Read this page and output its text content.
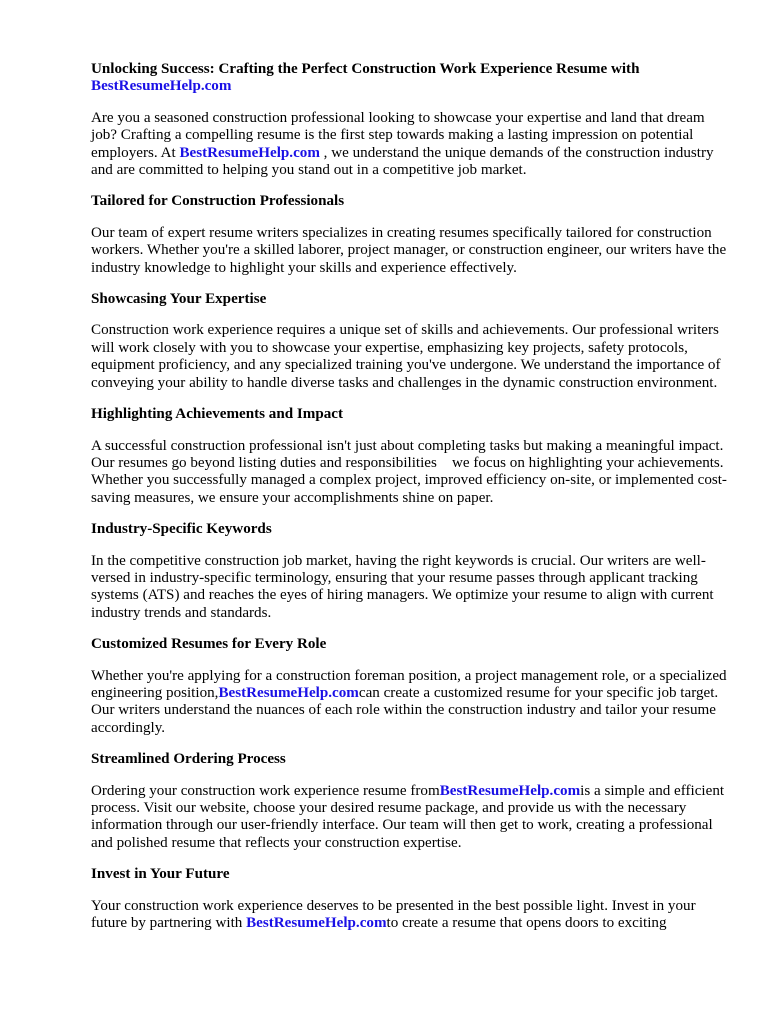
Unlocking Success: Crafting the Perfect Construction Work Experience Resume with
BestResumeHelp.com

Are you a seasoned construction professional looking to showcase your expertise and land that dream job? Crafting a compelling resume is the first step towards making a lasting impression on potential employers. At BestResumeHelp.com , we understand the unique demands of the construction industry and are committed to helping you stand out in a competitive job market.

Tailored for Construction Professionals

Our team of expert resume writers specializes in creating resumes specifically tailored for construction workers. Whether you're a skilled laborer, project manager, or construction engineer, our writers have the industry knowledge to highlight your skills and experience effectively.

Showcasing Your Expertise

Construction work experience requires a unique set of skills and achievements. Our professional writers will work closely with you to showcase your expertise, emphasizing key projects, safety protocols, equipment proficiency, and any specialized training you've undergone. We understand the importance of conveying your ability to handle diverse tasks and challenges in the dynamic construction environment.

Highlighting Achievements and Impact

A successful construction professional isn't just about completing tasks but making a meaningful impact. Our resumes go beyond listing duties and responsibilities    we focus on highlighting your achievements. Whether you successfully managed a complex project, improved efficiency on-site, or implemented cost-saving measures, we ensure your accomplishments shine on paper.

Industry-Specific Keywords

In the competitive construction job market, having the right keywords is crucial. Our writers are well-versed in industry-specific terminology, ensuring that your resume passes through applicant tracking systems (ATS) and reaches the eyes of hiring managers. We optimize your resume to align with current industry trends and standards.

Customized Resumes for Every Role

Whether you're applying for a construction foreman position, a project management role, or a specialized engineering position,BestResumeHelp.comcan create a customized resume for your specific job target. Our writers understand the nuances of each role within the construction industry and tailor your resume accordingly.

Streamlined Ordering Process

Ordering your construction work experience resume fromBestResumeHelp.comis a simple and efficient process. Visit our website, choose your desired resume package, and provide us with the necessary information through our user-friendly interface. Our team will then get to work, creating a professional and polished resume that reflects your construction expertise.

Invest in Your Future

Your construction work experience deserves to be presented in the best possible light. Invest in your future by partnering with BestResumeHelp.comto create a resume that opens doors to exciting
